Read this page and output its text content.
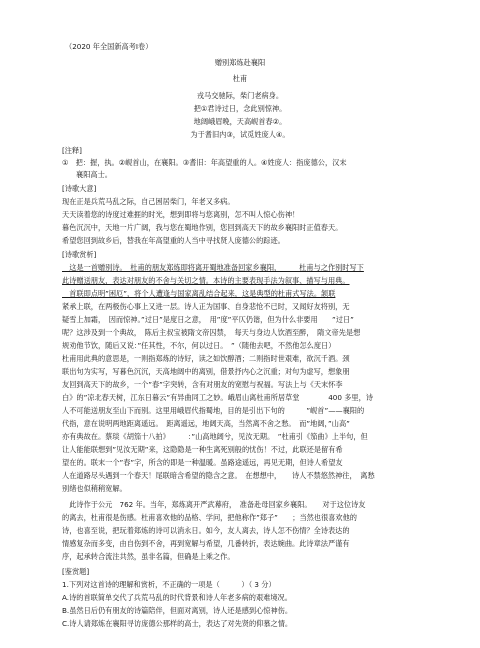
（2020 年全国新高考Ⅰ卷）
赠别郑炼赴襄阳
杜甫
戎马交驰际，柴门老病身。
把①君诗过日，念此别惊神。
地阔峨眉晚，天高岘首春②。
为于耆旧内③，试觅姓庞人④。
[注释]
①　把：握，执。②岘首山，在襄阳。③耆旧：年高望重的人。④姓庞人：指庞德公，汉末
襄阳高士。
[诗歌大意]
现在正是兵荒马乱之际，自己困居柴门，年老又多病。
天天读着您的诗度过难捱的时光，想到即将与您离别，怎不叫人惊心伤神！
暮色沉沉中，天地一片广阔，我与您在蜀地作别，您回到高天下的故乡襄阳时正值春天。
希望您回到故乡后，替我在年高望重的人当中寻找贤人庞德公的踪迹。
[诗歌赏析]
　这是一首赠别诗。　杜甫的朋友郑炼即将离开蜀地准备回家乡襄阳，　　　杜甫与之作别时写下
此诗赠送朋友，表达对朋友的不舍与关切之情。本诗的主要表现手法为叙事、描写与用典。
　首联即点明”困厄”，将个人遭逢与国家离乱结合起来，这是典型的杜甫式写法。颔联
紧承上联，在两极伤心事上又进一层。诗人正为国事、自身悲怆不已时，又闻好友将别，无
疑雪上加霜，　因而惊神。”过日”是度日之意，　用”度”平仄仍谐，但为什么非要用　　”过日”
呢？这涉及到一个典故，　陈后主叔宝被隋文帝囚禁，　每天与身边人饮酒至醉，　隋文帝先是想
规劝他节饮，随后又说：”任其性，不尔，何以过日。　”（随他去吧，不然他怎么度日）
杜甫用此典的意思是，一则指郑炼的诗好，读之如饮醇酒；二则指时世艰难，欲沉千酒。颈
联出句为实写，写暮色沉沉，天高地阔中的离别，借景抒内心之沉重；对句为虚写，想象朋
友回到高天下的故乡，一个”春”字突转，含有对朋友的宽慰与祝福。写法上与《天末怀李
白》的”凉北春天树，江东日暮云”有异曲同工之妙。峨眉山离杜甫所居草堂　　　　400 多里，诗
人不可能送朋友至山下而别。这里用峨眉代指蜀地，目的是引出下句的　　　”岘首”——襄阳的
代指，意在说明两地距离遥远。　距离遥远，地阔天高，当然离不舍之愁。　而”地阔，”山高”
亦有典故在。蔡琰《胡笳十八拍》　　　：”山高地阔兮，见汝无期。　”杜甫引《笳曲》上半句，但
让人能能联想到”见汝无期”来，这隐隐是一种生离死别般的忧伤！不过，此联还是留有希
望在的。联末一个”春”字，所含的即是一种温暖。虽路途遥远，再见无期，但诗人希望友
人在道路尽头遇到一个春天！尾联暗含希望的隐含之意。　在想想中，　　诗人不禁悠然神往，　离愁
别绪也似稍稍宽解。
　此诗作于公元　762 年。当年，郑炼离开严武幕府，　准备赴母回家乡襄阳。　　对于这位诗友
的离去，杜甫很是伤感。杜甫喜欢他的品格、学问，把他称作”郑子”　　；当然也很喜欢他的
诗，也喜至说，把玩着郑炼的诗可以消永日。如今，友人离去，诗人怎不伤情？全诗表达的
情感复杂而多变，由自伤到不舍，再到宽解与希望，几番转折，表达婉曲。此诗章法严谨有
序，起承转合流注共然，虽非名篇，但确是上乘之作。
[鉴赏题]
1.下列对这首诗的理解和赏析，不正确的一项是（　　　）（ 3 分）
A.诗的首联简单交代了兵荒马乱的时代背景和诗人年老多病的艰难境况。
B.虽然日后仍有朋友的诗篇陪伴，但面对离别，诗人还是感到心惊神伤。
C.诗人请郑炼在襄阳寻访庞德公那样的高士，表达了对先贤的仰慕之情。
